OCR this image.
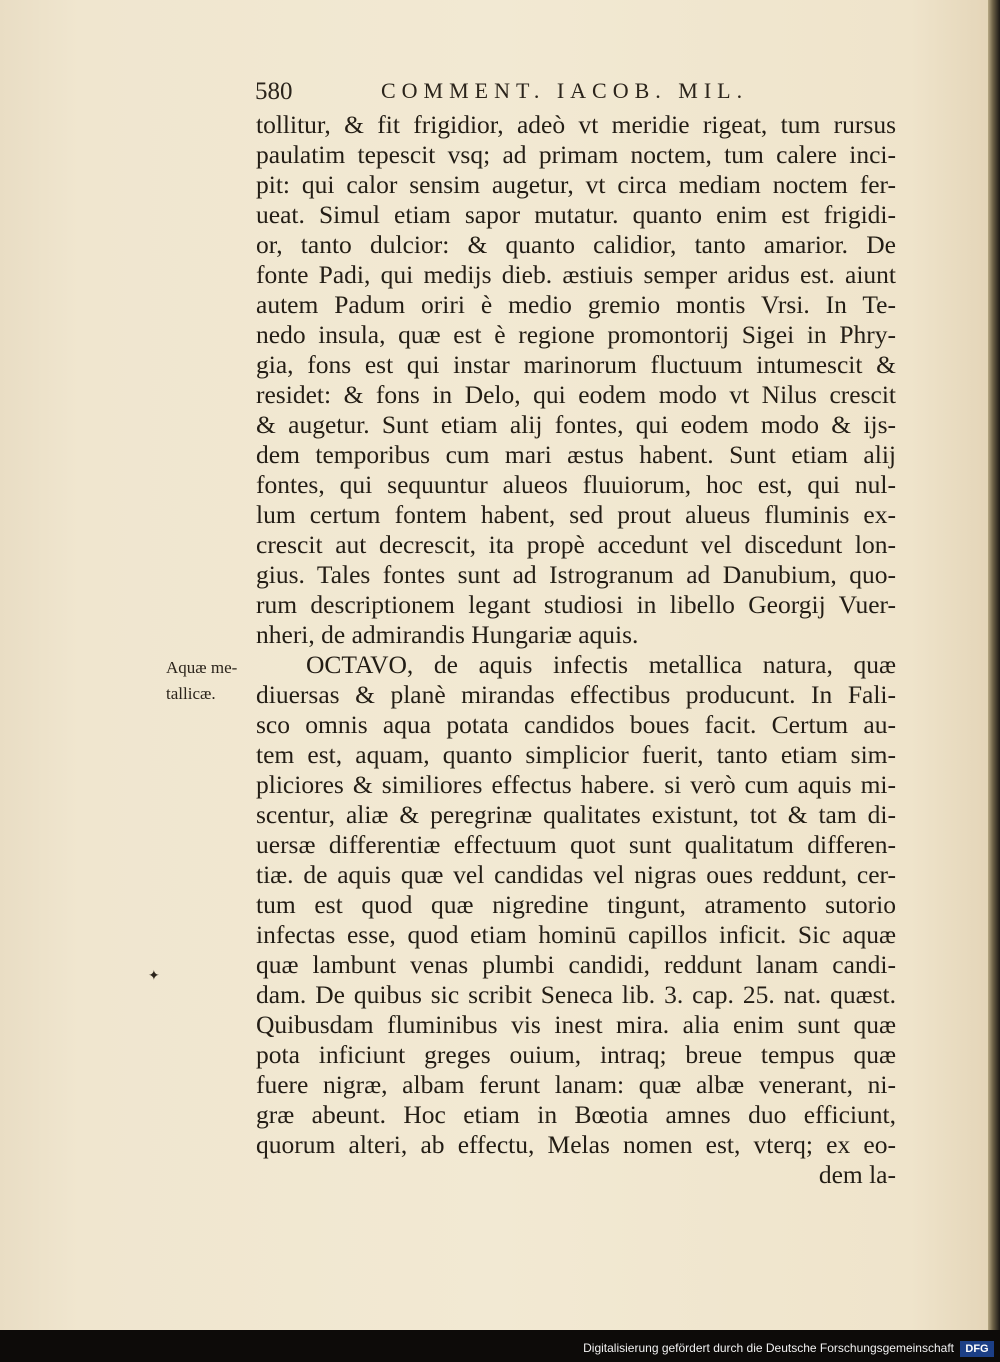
580	COMMENT. IACOB. MIL.
Aquæ me-
tallicæ.
✦
tollitur, & fit frigidior, adeò vt meridie rigeat, tum rursus
paulatim tepescit vsq; ad primam noctem, tum calere inci-
pit: qui calor sensim augetur, vt circa mediam noctem fer-
ueat. Simul etiam sapor mutatur. quanto enim est frigidi-
or, tanto dulcior: & quanto calidior, tanto amarior. De
fonte Padi, qui medijs dieb. æstiuis semper aridus est. aiunt
autem Padum oriri è medio gremio montis Vrsi. In Te-
nedo insula, quæ est è regione promontorij Sigei in Phry-
gia, fons est qui instar marinorum fluctuum intumescit &
residet: & fons in Delo, qui eodem modo vt Nilus crescit
& augetur. Sunt etiam alij fontes, qui eodem modo & ijs-
dem temporibus cum mari æstus habent. Sunt etiam alij
fontes, qui sequuntur alueos fluuiorum, hoc est, qui nul-
lum certum fontem habent, sed prout alueus fluminis ex-
crescit aut decrescit, ita propè accedunt vel discedunt lon-
gius. Tales fontes sunt ad Istrogranum ad Danubium, quo-
rum descriptionem legant studiosi in libello Georgij Vuer-
nheri, de admirandis Hungariæ aquis.
OCTAVO, de aquis infectis metallica natura, quæ
diuersas & planè mirandas effectibus producunt. In Fali-
sco omnis aqua potata candidos boues facit. Certum au-
tem est, aquam, quanto simplicior fuerit, tanto etiam sim-
pliciores & similiores effectus habere. si verò cum aquis mi-
scentur, aliæ & peregrinæ qualitates existunt, tot & tam di-
uersæ differentiæ effectuum quot sunt qualitatum differen-
tiæ. de aquis quæ vel candidas vel nigras oues reddunt, cer-
tum est quod quæ nigredine tingunt, atramento sutorio
infectas esse, quod etiam hominū capillos inficit. Sic aquæ
quæ lambunt venas plumbi candidi, reddunt lanam candi-
dam. De quibus sic scribit Seneca lib. 3. cap. 25. nat. quæst.
Quibusdam fluminibus vis inest mira. alia enim sunt quæ
pota inficiunt greges ouium, intraq; breue tempus quæ
fuere nigræ, albam ferunt lanam: quæ albæ venerant, ni-
græ abeunt. Hoc etiam in Bœotia amnes duo efficiunt,
quorum alteri, ab effectu, Melas nomen est, vterq; ex eo-
dem la-
Digitalisierung gefördert durch die Deutsche Forschungsgemeinschaft	DFG
